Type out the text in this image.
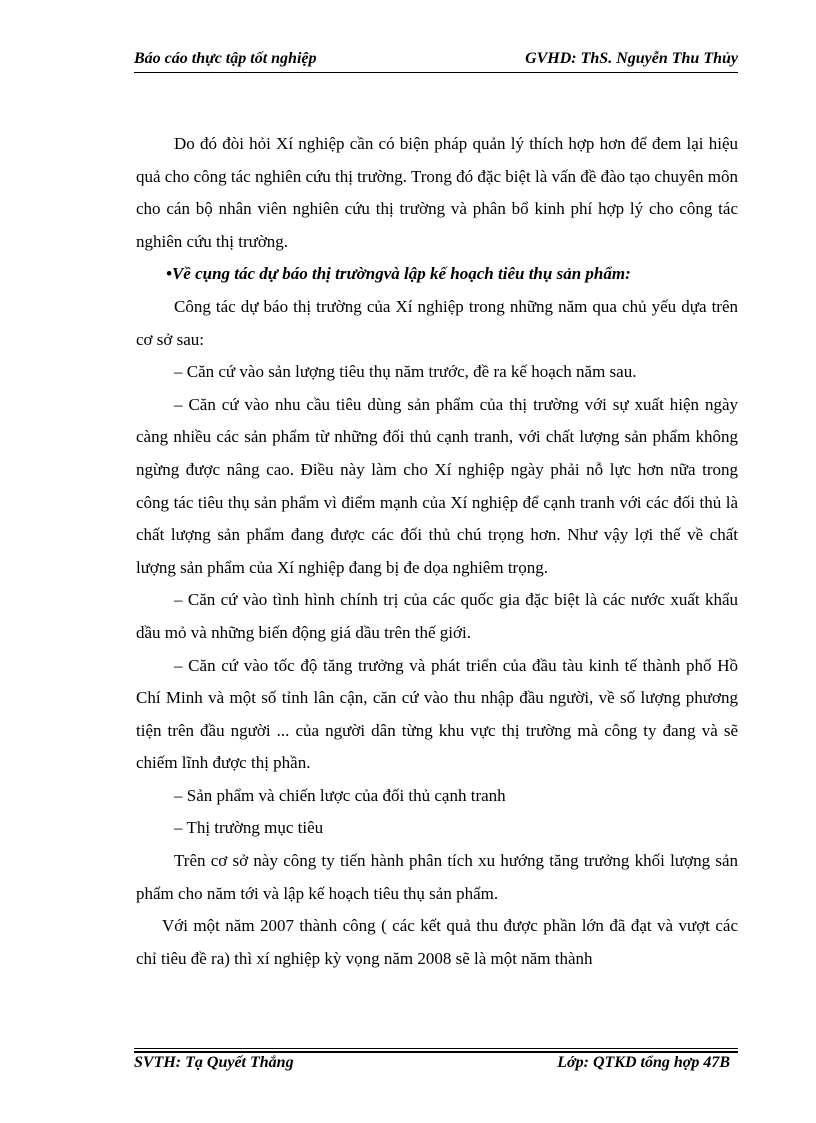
Báo cáo thực tập tốt nghiệp	GVHD: ThS. Nguyễn Thu Thủy

Do đó đòi hỏi Xí nghiệp cần có biện pháp quản lý thích hợp hơn để đem lại hiệu quả cho công tác nghiên cứu thị trường. Trong đó đặc biệt là vấn đề đào tạo chuyên môn cho cán bộ nhân viên nghiên cứu thị trường và phân bổ kinh phí hợp lý cho công tác nghiên cứu thị trường.

•Về cụng tác dự báo thị trườngvà lập kế hoạch tiêu thụ sản phẩm:

Công tác dự báo thị trường của Xí nghiệp trong những năm qua chủ yếu dựa trên cơ sở sau:

– Căn cứ vào sản lượng tiêu thụ năm trước, đề ra kế hoạch năm sau.

– Căn cứ vào nhu cầu tiêu dùng sản phẩm của thị trường với sự xuất hiện ngày càng nhiều các sản phẩm từ những đối thủ cạnh tranh, với chất lượng sản phẩm không ngừng được nâng cao. Điều này làm cho Xí nghiệp ngày phải nỗ lực hơn nữa trong công tác tiêu thụ sản phẩm vì điểm mạnh của Xí nghiệp để cạnh tranh với các đối thủ là chất lượng sản phẩm đang được các đối thủ chú trọng hơn. Như vậy lợi thế về chất lượng sản phẩm của Xí nghiệp đang bị đe dọa nghiêm trọng.

– Căn cứ vào tình hình chính trị của các quốc gia đặc biệt là các nước xuất khẩu dầu mỏ và những biến động giá dầu trên thế giới.

– Căn cứ vào tốc độ tăng trưởng và phát triển của đầu tàu kinh tế thành phố Hồ Chí Minh và một số tỉnh lân cận, căn cứ vào thu nhập đầu người, về số lượng phương tiện trên đầu người ... của người dân từng khu vực thị trường mà công ty đang và sẽ chiếm lĩnh được thị phần.

– Sản phẩm và chiến lược của đối thủ cạnh tranh

– Thị trường mục tiêu

Trên cơ sở này công ty tiến hành phân tích xu hướng tăng trưởng khối lượng sản phẩm cho năm tới và lập kế hoạch tiêu thụ sản phẩm.

Với một năm 2007 thành công ( các kết quả thu được phần lớn đã đạt và vượt các chỉ tiêu đề ra) thì xí nghiệp kỳ vọng năm 2008 sẽ là một năm thành

SVTH: Tạ Quyết Thắng	Lớp: QTKD tổng hợp 47B
